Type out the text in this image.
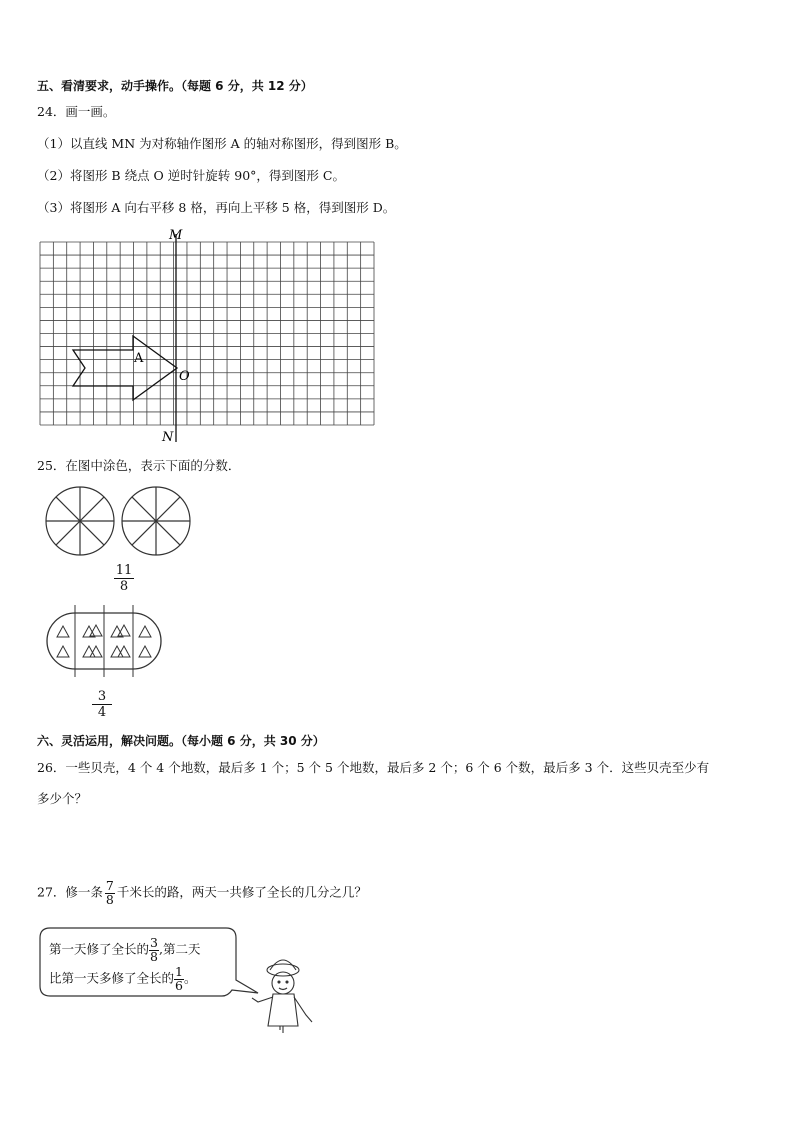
五、看清要求，动手操作。（每题 6 分，共 12 分）
24．画一画。
（1）以直线 MN 为对称轴作图形 A 的轴对称图形，得到图形 B。
（2）将图形 B 绕点 O 逆时针旋转 90°，得到图形 C。
（3）将图形 A 向右平移 8 格，再向上平移 5 格，得到图形 D。
M
N
O
A
25．在图中涂色，表示下面的分数．
$\frac{11}{8}$
$\frac{3}{4}$
六、灵活运用，解决问题。（每小题 6 分，共 30 分）
26．一些贝壳，4 个 4 个地数，最后多 1 个；5 个 5 个地数，最后多 2 个；6 个 6 个数，最后多 3 个．这些贝壳至少有
多少个？
27．修一条 $\frac{7}{8}$ 千米长的路，两天一共修了全长的几分之几？
第一天修了全长的 $\frac{3}{8}$ ,第二天
比第一天多修了全长的 $\frac{1}{6}$ 。
